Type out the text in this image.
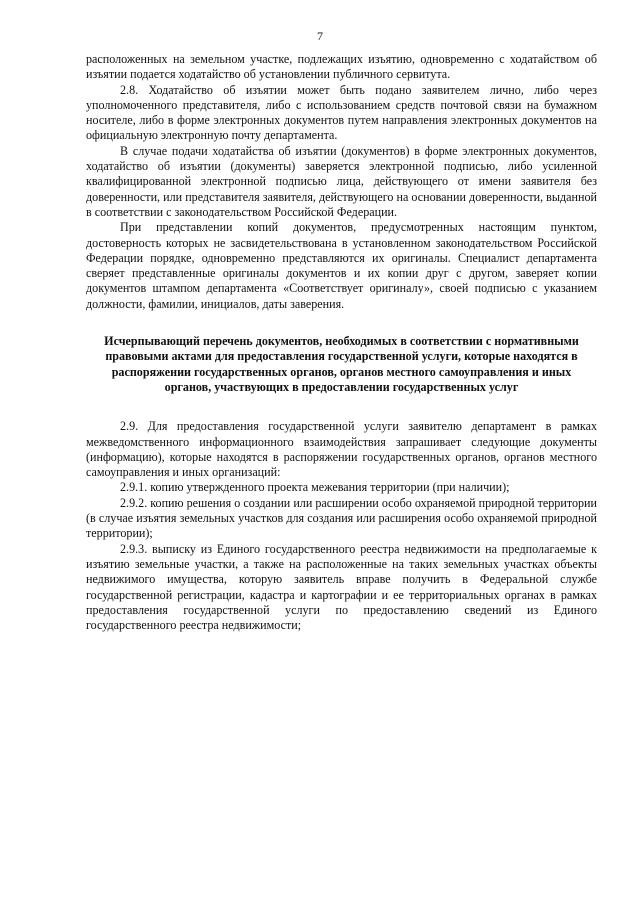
7

расположенных на земельном участке, подлежащих изъятию, одновременно с ходатайством об изъятии подается ходатайство об установлении публичного сервитута.

2.8. Ходатайство об изъятии может быть подано заявителем лично, либо через уполномоченного представителя, либо с использованием средств почтовой связи на бумажном носителе, либо в форме электронных документов путем направления электронных документов на официальную электронную почту департамента.

В случае подачи ходатайства об изъятии (документов) в форме электронных документов, ходатайство об изъятии (документы) заверяется электронной подписью, либо усиленной квалифицированной электронной подписью лица, действующего от имени заявителя без доверенности, или представителя заявителя, действующего на основании доверенности, выданной в соответствии с законодательством Российской Федерации.

При представлении копий документов, предусмотренных настоящим пунктом, достоверность которых не засвидетельствована в установленном законодательством Российской Федерации порядке, одновременно представляются их оригиналы. Специалист департамента сверяет представленные оригиналы документов и их копии друг с другом, заверяет копии документов штампом департамента «Соответствует оригиналу», своей подписью с указанием должности, фамилии, инициалов, даты заверения.

Исчерпывающий перечень документов, необходимых в соответствии с нормативными правовыми актами для предоставления государственной услуги, которые находятся в распоряжении государственных органов, органов местного самоуправления и иных органов, участвующих в предоставлении государственных услуг

2.9. Для предоставления государственной услуги заявителю департамент в рамках межведомственного информационного взаимодействия запрашивает следующие документы (информацию), которые находятся в распоряжении государственных органов, органов местного самоуправления и иных организаций:

2.9.1. копию утвержденного проекта межевания территории (при наличии);

2.9.2. копию решения о создании или расширении особо охраняемой природной территории (в случае изъятия земельных участков для создания или расширения особо охраняемой природной территории);

2.9.3. выписку из Единого государственного реестра недвижимости на предполагаемые к изъятию земельные участки, а также на расположенные на таких земельных участках объекты недвижимого имущества, которую заявитель вправе получить в Федеральной службе государственной регистрации, кадастра и картографии и ее территориальных органах в рамках предоставления государственной услуги по предоставлению сведений из Единого государственного реестра недвижимости;
